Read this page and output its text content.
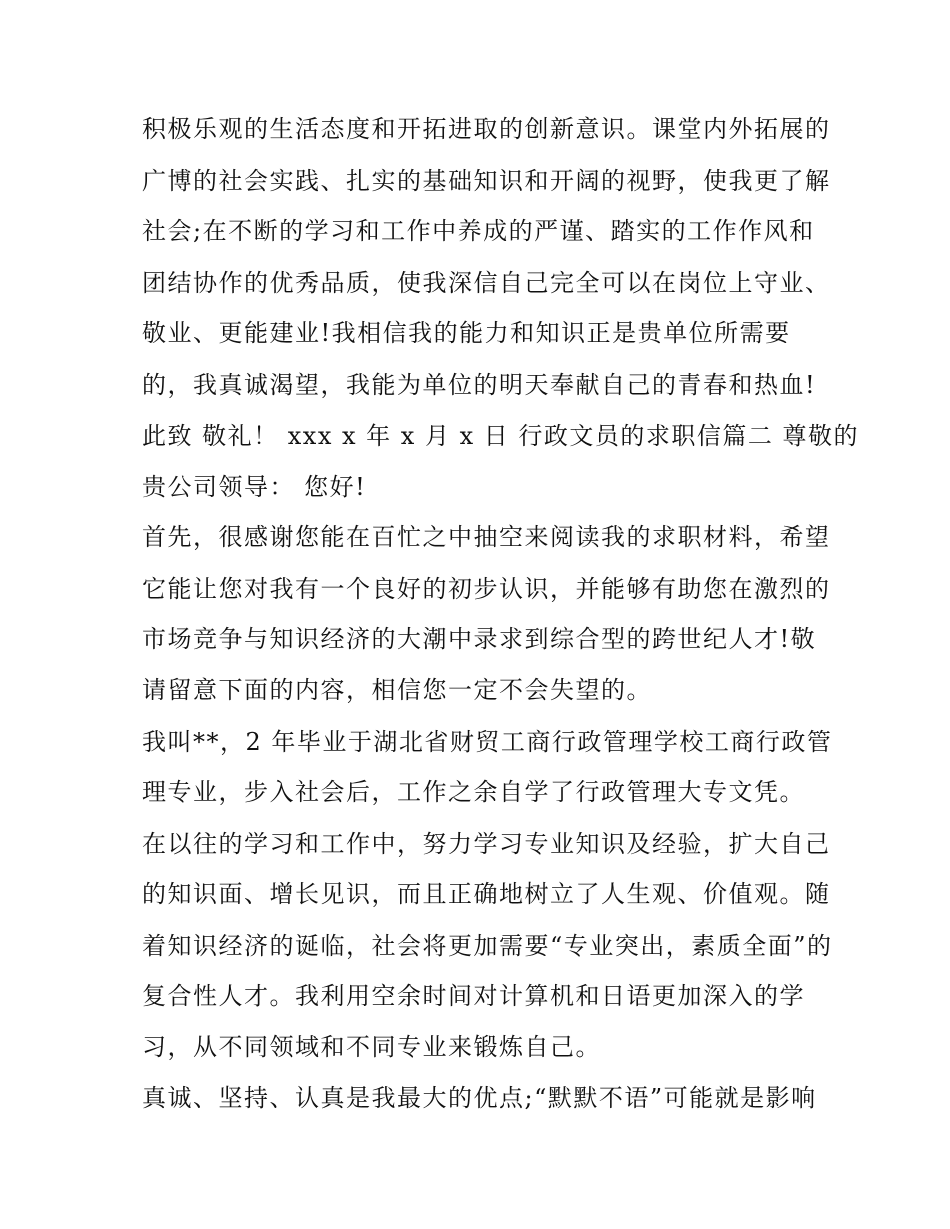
积极乐观的生活态度和开拓进取的创新意识。课堂内外拓展的
广博的社会实践、扎实的基础知识和开阔的视野，使我更了解
社会;在不断的学习和工作中养成的严谨、踏实的工作作风和
团结协作的优秀品质，使我深信自己完全可以在岗位上守业、
敬业、更能建业!我相信我的能力和知识正是贵单位所需要
的，我真诚渴望，我能为单位的明天奉献自己的青春和热血!
此致 敬礼！ xxx x 年 x 月 x 日 行政文员的求职信篇二 尊敬的
贵公司领导： 您好!
首先，很感谢您能在百忙之中抽空来阅读我的求职材料，希望
它能让您对我有一个良好的初步认识，并能够有助您在激烈的
市场竞争与知识经济的大潮中录求到综合型的跨世纪人才!敬
请留意下面的内容，相信您一定不会失望的。
我叫**，2 年毕业于湖北省财贸工商行政管理学校工商行政管
理专业，步入社会后，工作之余自学了行政管理大专文凭。
在以往的学习和工作中，努力学习专业知识及经验，扩大自己
的知识面、增长见识，而且正确地树立了人生观、价值观。随
着知识经济的诞临，社会将更加需要“专业突出，素质全面”的
复合性人才。我利用空余时间对计算机和日语更加深入的学
习，从不同领域和不同专业来锻炼自己。
真诚、坚持、认真是我最大的优点;“默默不语”可能就是影响
